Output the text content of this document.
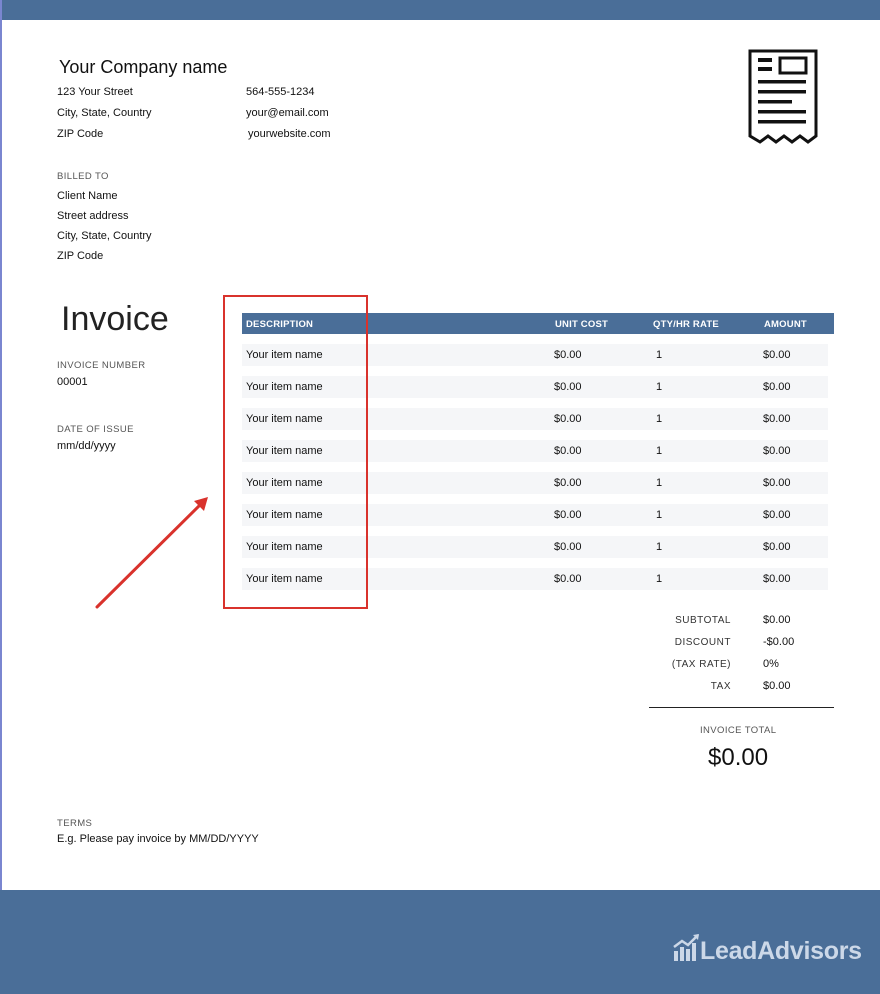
Your Company name
123 Your Street
City, State, Country
ZIP Code
564-555-1234
your@email.com
yourwebsite.com
BILLED TO
Client Name
Street address
City, State, Country
ZIP Code
Invoice
INVOICE NUMBER
00001
DATE OF ISSUE
mm/dd/yyyy
DESCRIPTION	UNIT COST	QTY/HR RATE	AMOUNT
Your item name	$0.00	1	$0.00
Your item name	$0.00	1	$0.00
Your item name	$0.00	1	$0.00
Your item name	$0.00	1	$0.00
Your item name	$0.00	1	$0.00
Your item name	$0.00	1	$0.00
Your item name	$0.00	1	$0.00
Your item name	$0.00	1	$0.00
SUBTOTAL	$0.00
DISCOUNT	-$0.00
(TAX RATE)	0%
TAX	$0.00
INVOICE TOTAL
$0.00
TERMS
E.g. Please pay invoice by MM/DD/YYYY
LeadAdvisors
